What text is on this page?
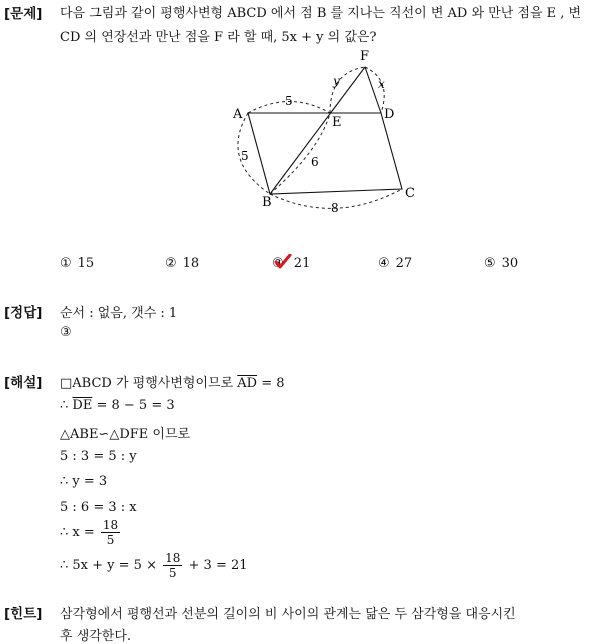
[문제] 다음 그림과 같이 평행사변형 ABCD 에서 점 B 를 지나는 직선이 변 AD 와 만난 점을 E , 변 CD 의 연장선과 만난 점을 F 라 할 때, 5x + y 의 값은?
A
B
C
D
E
F
5
5	6
8
y	x
① 15	② 18	③ 21	④ 27	⑤ 30
[정답] 순서 : 없음, 갯수 : 1
③
[해설] □ABCD 가 평행사변형이므로 $\overline{AD} = 8$
∴ $\overline{DE} = 8 - 5 = 3$
△ABE∽△DFE 이므로
5 : 3 = 5 : y
∴ y = 3
5 : 6 = 3 : x
∴ $x = \frac{18}{5}$
∴ $5x + y = 5 \times \frac{18}{5} + 3 = 21$
[힌트] 삼각형에서 평행선과 선분의 길이의 비 사이의 관계는 닮은 두 삼각형을 대응시킨
후 생각한다.
